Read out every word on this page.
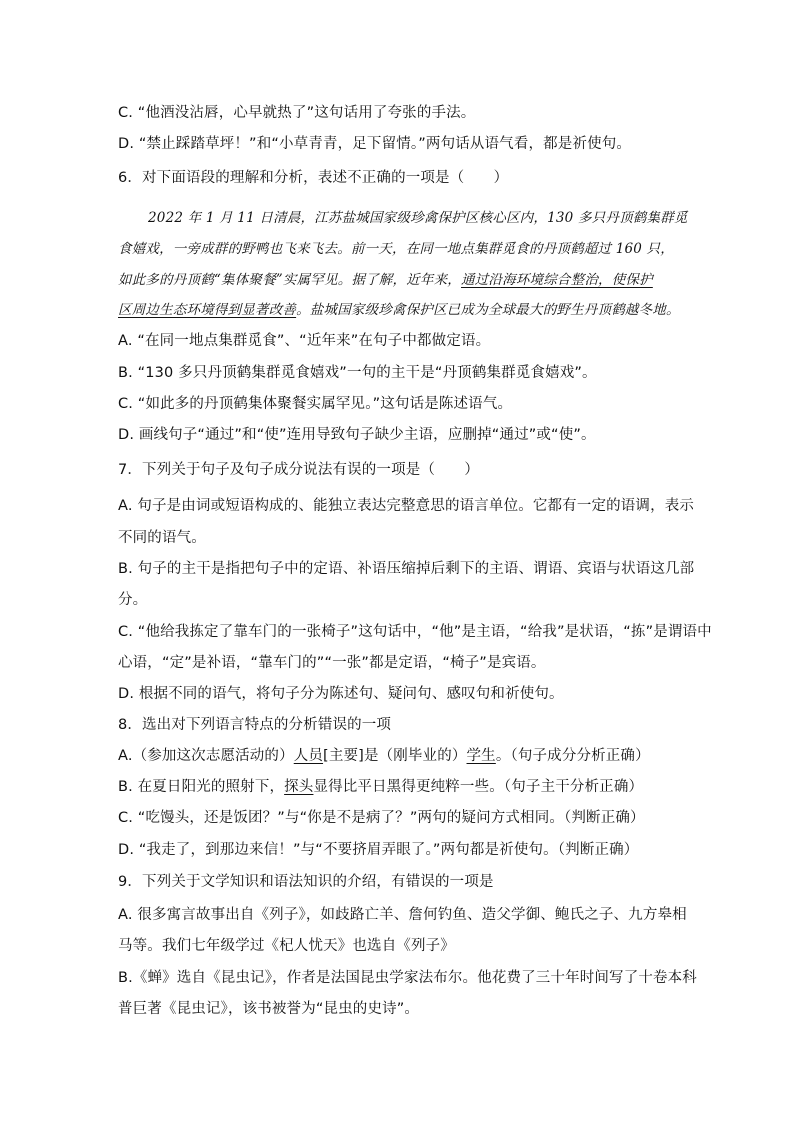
C. “他酒没沾唇，心早就热了”这句话用了夸张的手法。
D. “禁止踩踏草坪！”和“小草青青，足下留情。”两句话从语气看，都是祈使句。
6．对下面语段的理解和分析，表述不正确的一项是（　　）
2022 年 1 月 11 日清晨，江苏盐城国家级珍禽保护区核心区内，130 多只丹顶鹤集群觅
食嬉戏，一旁成群的野鸭也飞来飞去。前一天，在同一地点集群觅食的丹顶鹤超过 160 只，
如此多的丹顶鹤“集体聚餐”实属罕见。据了解，近年来，通过沿海环境综合整治，使保护
区周边生态环境得到显著改善。盐城国家级珍禽保护区已成为全球最大的野生丹顶鹤越冬地。
A. “在同一地点集群觅食”、“近年来”在句子中都做定语。
B. “130 多只丹顶鹤集群觅食嬉戏”一句的主干是“丹顶鹤集群觅食嬉戏”。
C. “如此多的丹顶鹤集体聚餐实属罕见。”这句话是陈述语气。
D. 画线句子“通过”和“使”连用导致句子缺少主语，应删掉“通过”或“使”。
7．下列关于句子及句子成分说法有误的一项是（　　）
A. 句子是由词或短语构成的、能独立表达完整意思的语言单位。它都有一定的语调，表示
不同的语气。
B. 句子的主干是指把句子中的定语、补语压缩掉后剩下的主语、谓语、宾语与状语这几部
分。
C. “他给我拣定了靠车门的一张椅子”这句话中，“他”是主语，“给我”是状语，“拣”是谓语中
心语，“定”是补语，“靠车门的”“一张”都是定语，“椅子”是宾语。
D. 根据不同的语气，将句子分为陈述句、疑问句、感叹句和祈使句。
8．选出对下列语言特点的分析错误的一项
A.（参加这次志愿活动的）人员[主要]是（刚毕业的）学生。（句子成分分析正确）
B. 在夏日阳光的照射下，探头显得比平日黑得更纯粹一些。（句子主干分析正确）
C. “吃馒头，还是饭团？”与“你是不是病了？”两句的疑问方式相同。（判断正确）
D. “我走了，到那边来信！”与“不要挤眉弄眼了。”两句都是祈使句。（判断正确）
9．下列关于文学知识和语法知识的介绍，有错误的一项是
A. 很多寓言故事出自《列子》，如歧路亡羊、詹何钓鱼、造父学御、鲍氏之子、九方皋相
马等。我们七年级学过《杞人忧天》也选自《列子》
B.《蝉》选自《昆虫记》，作者是法国昆虫学家法布尔。他花费了三十年时间写了十卷本科
普巨著《昆虫记》，该书被誉为“昆虫的史诗”。
